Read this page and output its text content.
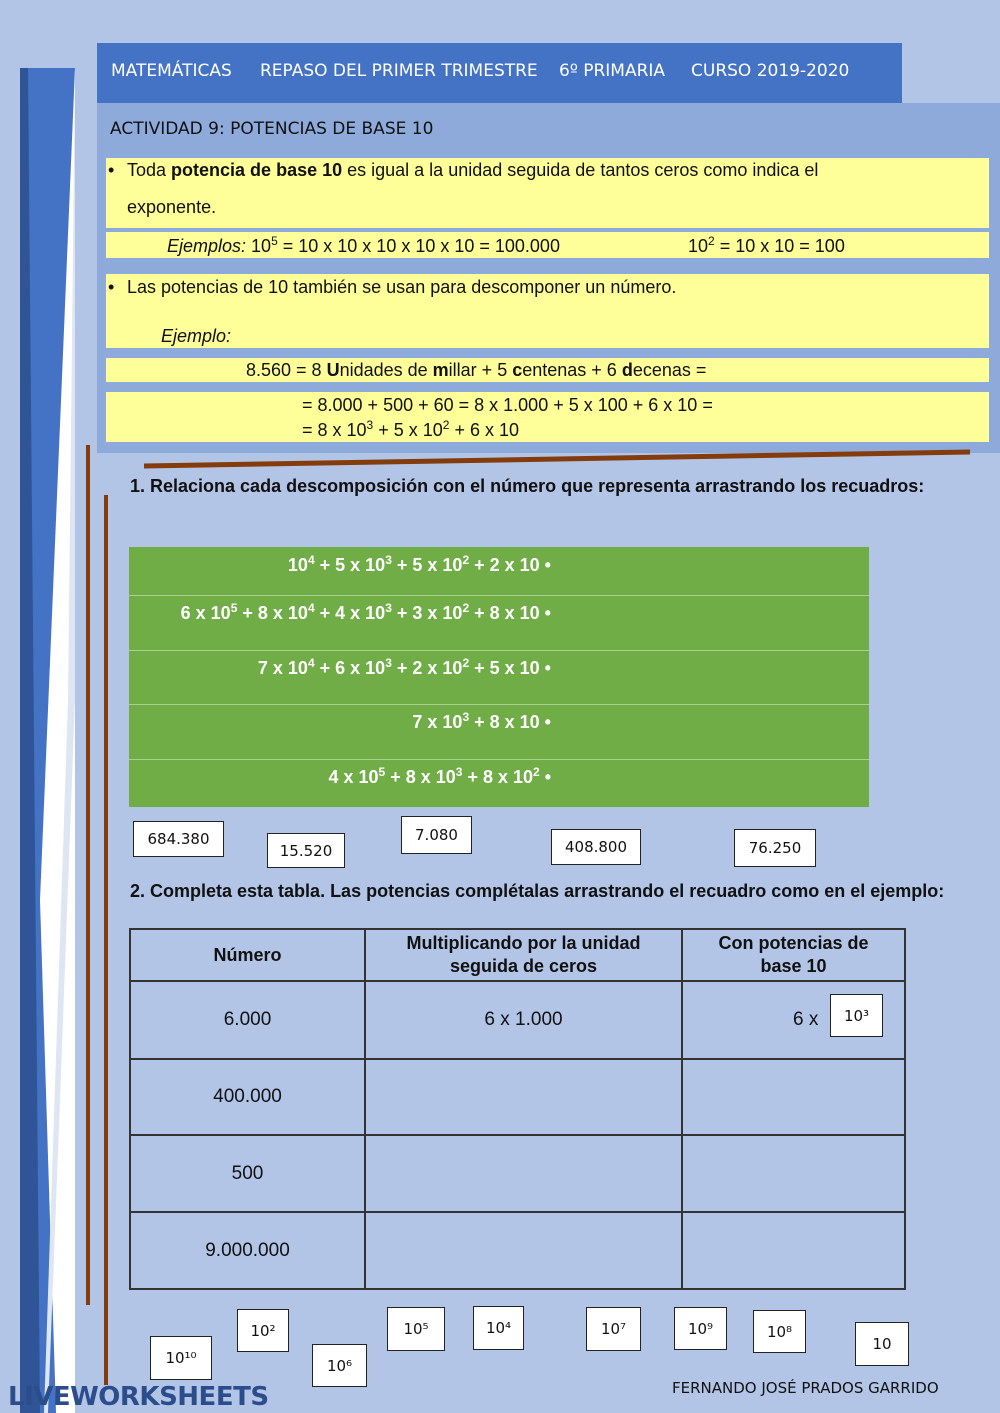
MATEMÁTICAS REPASO DEL PRIMER TRIMESTRE 6º PRIMARIA CURSO 2019-2020
ACTIVIDAD 9: POTENCIAS DE BASE 10
• Toda potencia de base 10 es igual a la unidad seguida de tantos ceros como indica el
exponente.
Ejemplos: $10^5 = 10$ x 10 x 10 x 10 x 10 = 100.000	$10^2 = 10$ x 10 = 100
• Las potencias de 10 también se usan para descomponer un número.
Ejemplo:
8.560 = 8 Unidades de millar + 5 centenas + 6 decenas =
= 8.000 + 500 + 60 = 8 x 1.000 + 5 x 100 + 6 x 10 =
= 8 x $10^3 + 5$ x $10^2 + 6$ x 10
1. Relaciona cada descomposición con el número que representa arrastrando los recuadros:
$10^4 + 5$ x $10^3 + 5$ x $10^2 + 2$ x 10 •
6 x $10^5 + 8$ x $10^4 + 4$ x $10^3 + 3$ x $10^2 + 8$ x 10 •
7 x $10^4 + 6$ x $10^3 + 2$ x $10^2 + 5$ x 10 •
7 x $10^3 + 8$ x 10 •
4 x $10^5 + 8$ x $10^3 + 8$ x $10^2$ •
684.380
15.520
7.080
408.800	76.250
2. Completa esta tabla. Las potencias complétalas arrastrando el recuadro como en el ejemplo:
Número	Multiplicando por la unidad seguida de ceros	Con potencias de base 10
6.000	6 x 1.000	6 x 10³

400.000		
500		
9.000.000		
10¹⁰
10²
10⁶
10⁵	10⁴	10⁷	10⁹	10⁸
10
LIVEWORKSHEETS	FERNANDO JOSÉ PRADOS GARRIDO
